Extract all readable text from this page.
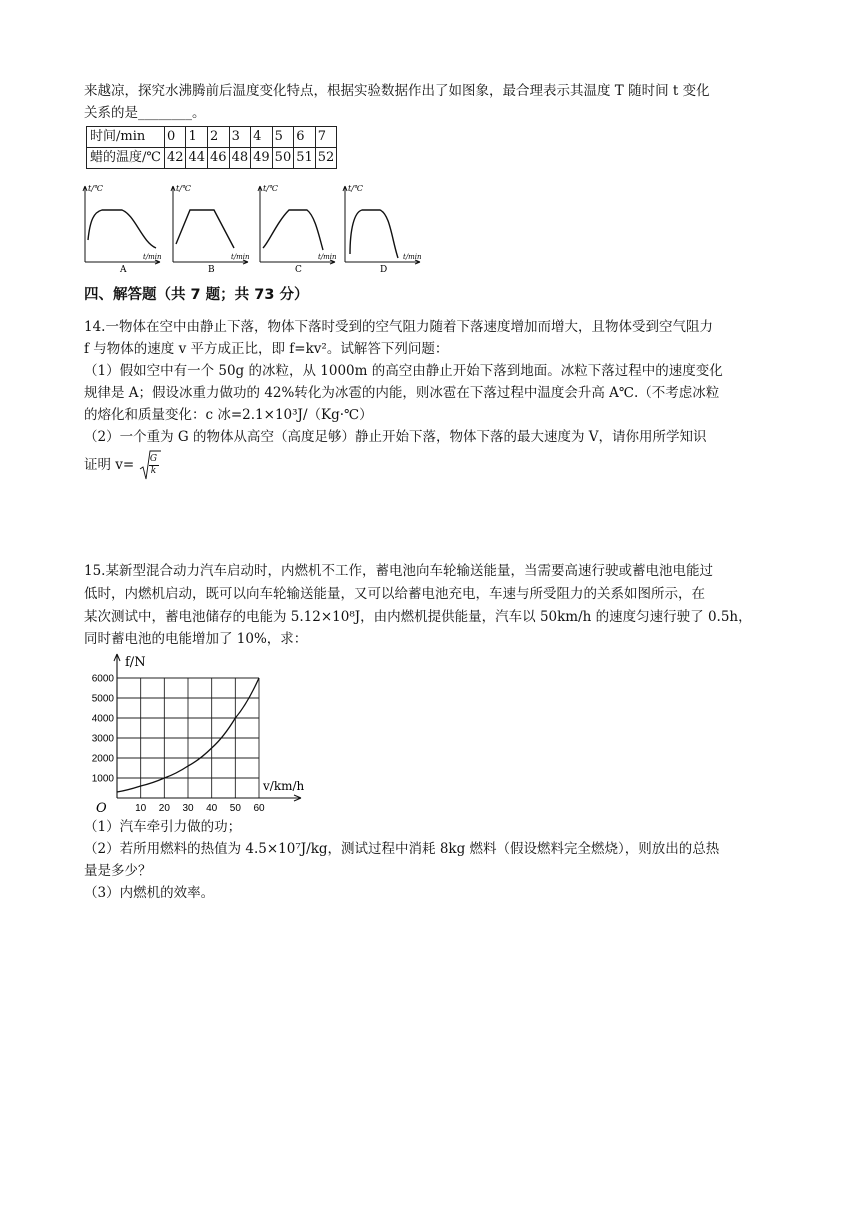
来越凉，探究水沸腾前后温度变化特点，根据实验数据作出了如图象，最合理表示其温度 T 随时间 t 变化
关系的是________。
时间/min	0	1	2	3	4	5	6	7
蜡的温度/℃	42	44	46	48	49	50	51	52
t/℃
t/min
A
t/℃
t/min
B
t/℃
t/min
C
t/℃
t/min
D
四、解答题（共 7 题；共 73 分）
14.一物体在空中由静止下落，物体下落时受到的空气阻力随着下落速度增加而增大，且物体受到空气阻力
f 与物体的速度 v 平方成正比，即 f=kv²。试解答下列问题：
（1）假如空中有一个 50g 的冰粒，从 1000m 的高空由静止开始下落到地面。冰粒下落过程中的速度变化
规律是 A；假设冰重力做功的 42%转化为冰雹的内能，则冰雹在下落过程中温度会升高 A℃.（不考虑冰粒
的熔化和质量变化：c 冰=2.1×10³J/（Kg·℃）
（2）一个重为 G 的物体从高空（高度足够）静止开始下落，物体下落的最大速度为 V，请你用所学知识
证明 $v= \frac{G}{k}$
15.某新型混合动力汽车启动时，内燃机不工作，蓄电池向车轮输送能量，当需要高速行驶或蓄电池电能过
低时，内燃机启动，既可以向车轮输送能量，又可以给蓄电池充电，车速与所受阻力的关系如图所示，在
某次测试中，蓄电池储存的电能为 5.12×10⁸J，由内燃机提供能量，汽车以 50km/h 的速度匀速行驶了 0.5h，
同时蓄电池的电能增加了 10%，求：
1000
2000
3000
4000
5000
6000
10 20 30 40 50 60
O
f/N
v/km/h
（1）汽车牵引力做的功；
（2）若所用燃料的热值为 4.5×10⁷J/kg，测试过程中消耗 8kg 燃料（假设燃料完全燃烧），则放出的总热
量是多少？
（3）内燃机的效率。
